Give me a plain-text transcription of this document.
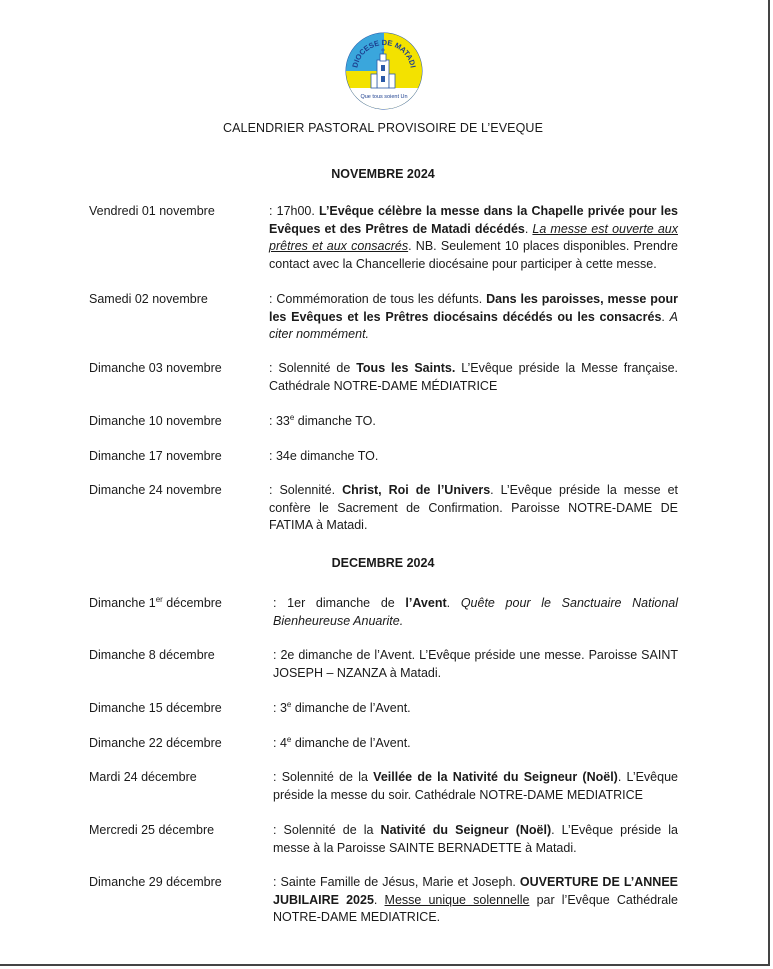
DIOCESE DE MATADI
Que tous soient Un
CALENDRIER PASTORAL PROVISOIRE DE L’EVEQUE
NOVEMBRE 2024
Vendredi 01 novembre	: 17h00. L’Evêque célèbre la messe dans la Chapelle privée pour les Evêques et des Prêtres de Matadi décédés. La messe est ouverte aux prêtres et aux consacrés. NB. Seulement 10 places disponibles. Prendre contact avec la Chancellerie diocésaine pour participer à cette messe.
Samedi 02 novembre	: Commémoration de tous les défunts. Dans les paroisses, messe pour les Evêques et les Prêtres diocésains décédés ou les consacrés. A citer nommément.
Dimanche 03 novembre	: Solennité de Tous les Saints. L’Evêque préside la Messe française. Cathédrale NOTRE-DAME MÉDIATRICE
Dimanche 10 novembre	: 33e dimanche TO.
Dimanche 17 novembre	: 34e dimanche TO.
Dimanche 24 novembre	: Solennité. Christ, Roi de l’Univers. L’Evêque préside la messe et confère le Sacrement de Confirmation. Paroisse NOTRE-DAME DE FATIMA à Matadi.
DECEMBRE 2024
Dimanche 1er décembre	: 1er dimanche de l’Avent. Quête pour le Sanctuaire National Bienheureuse Anuarite.
Dimanche 8 décembre	: 2e dimanche de l’Avent. L’Evêque préside une messe. Paroisse SAINT JOSEPH – NZANZA à Matadi.
Dimanche 15 décembre	: 3e dimanche de l’Avent.
Dimanche 22 décembre	: 4e dimanche de l’Avent.
Mardi 24 décembre	: Solennité de la Veillée de la Nativité du Seigneur (Noël). L’Evêque préside la messe du soir. Cathédrale NOTRE-DAME MEDIATRICE
Mercredi 25 décembre	: Solennité de la Nativité du Seigneur (Noël). L’Evêque préside la messe à la Paroisse SAINTE BERNADETTE à Matadi.
Dimanche 29 décembre	: Sainte Famille de Jésus, Marie et Joseph. OUVERTURE DE L’ANNEE JUBILAIRE 2025. Messe unique solennelle par l’Evêque Cathédrale NOTRE-DAME MEDIATRICE.
